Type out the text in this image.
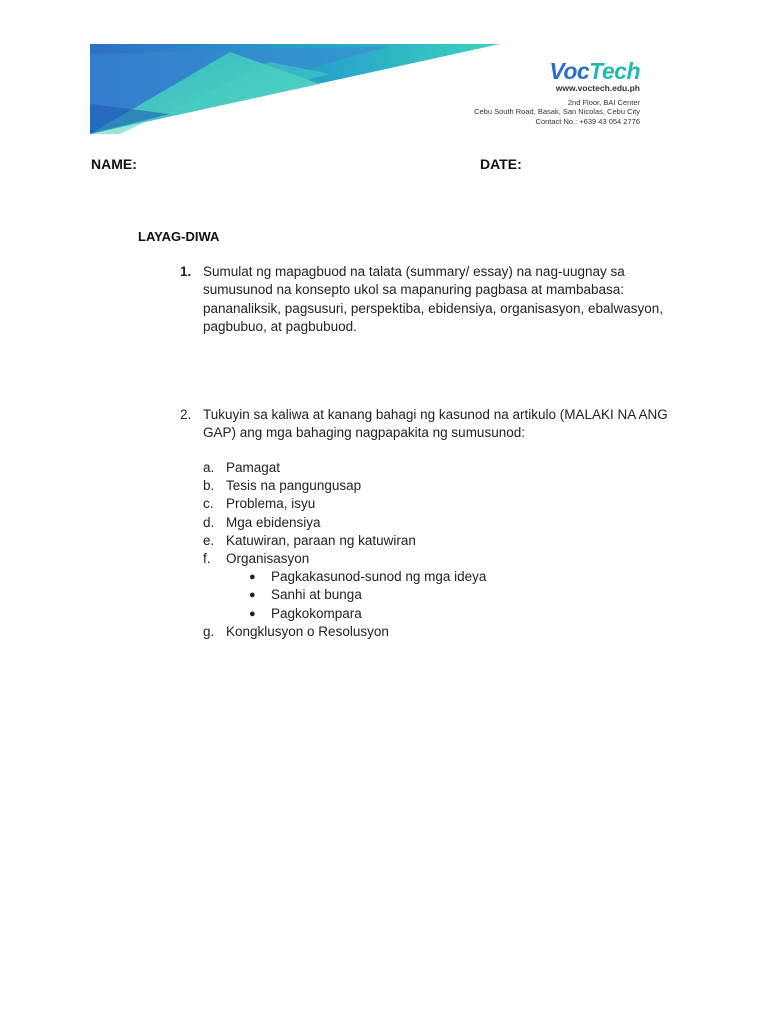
VocTech
www.voctech.edu.ph
2nd Floor, BAI Center
Cebu South Road, Basak, San Nicolas, Cebu City
Contact No.: +639 43 054 2776
NAME:	DATE:
LAYAG-DIWA
1. Sumulat ng mapagbuod na talata (summary/ essay) na nag-uugnay sa sumusunod na konsepto ukol sa mapanuring pagbasa at mambabasa: pananaliksik, pagsusuri, perspektiba, ebidensiya, organisasyon, ebalwasyon, pagbubuo, at pagbubuod.
2. Tukuyin sa kaliwa at kanang bahagi ng kasunod na artikulo (MALAKI NA ANG GAP) ang mga bahaging nagpapakita ng sumusunod:
a. Pamagat
b. Tesis na pangungusap
c. Problema, isyu
d. Mga ebidensiya
e. Katuwiran, paraan ng katuwiran
f. Organisasyon
● Pagkakasunod-sunod ng mga ideya
● Sanhi at bunga
● Pagkokompara
g. Kongklusyon o Resolusyon
